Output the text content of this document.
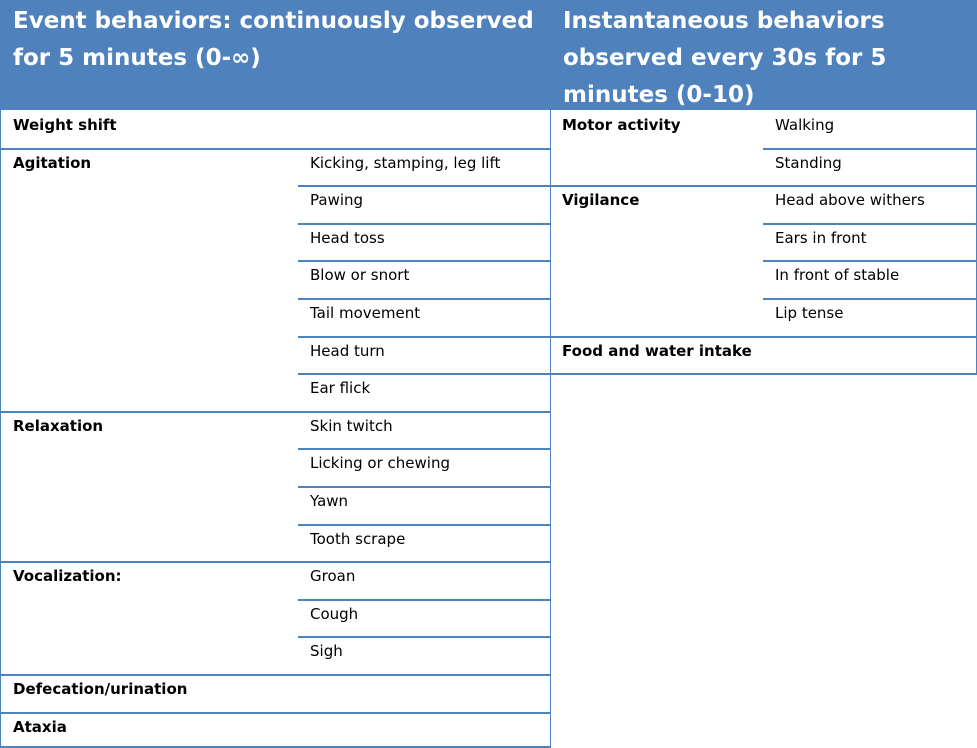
Event behaviors: continuously observed for 5 minutes (0-∞)
Instantaneous behaviors observed every 30s for 5 minutes (0-10)
Weight shift
Agitation	Kicking, stamping, leg lift
Pawing
Head toss
Blow or snort
Tail movement
Head turn
Ear flick
Relaxation	Skin twitch
Licking or chewing
Yawn
Tooth scrape
Vocalization:	Groan
Cough
Sigh
Defecation/urination
Ataxia
Motor activity	Walking
Standing
Vigilance	Head above withers
Ears in front
In front of stable
Lip tense
Food and water intake
